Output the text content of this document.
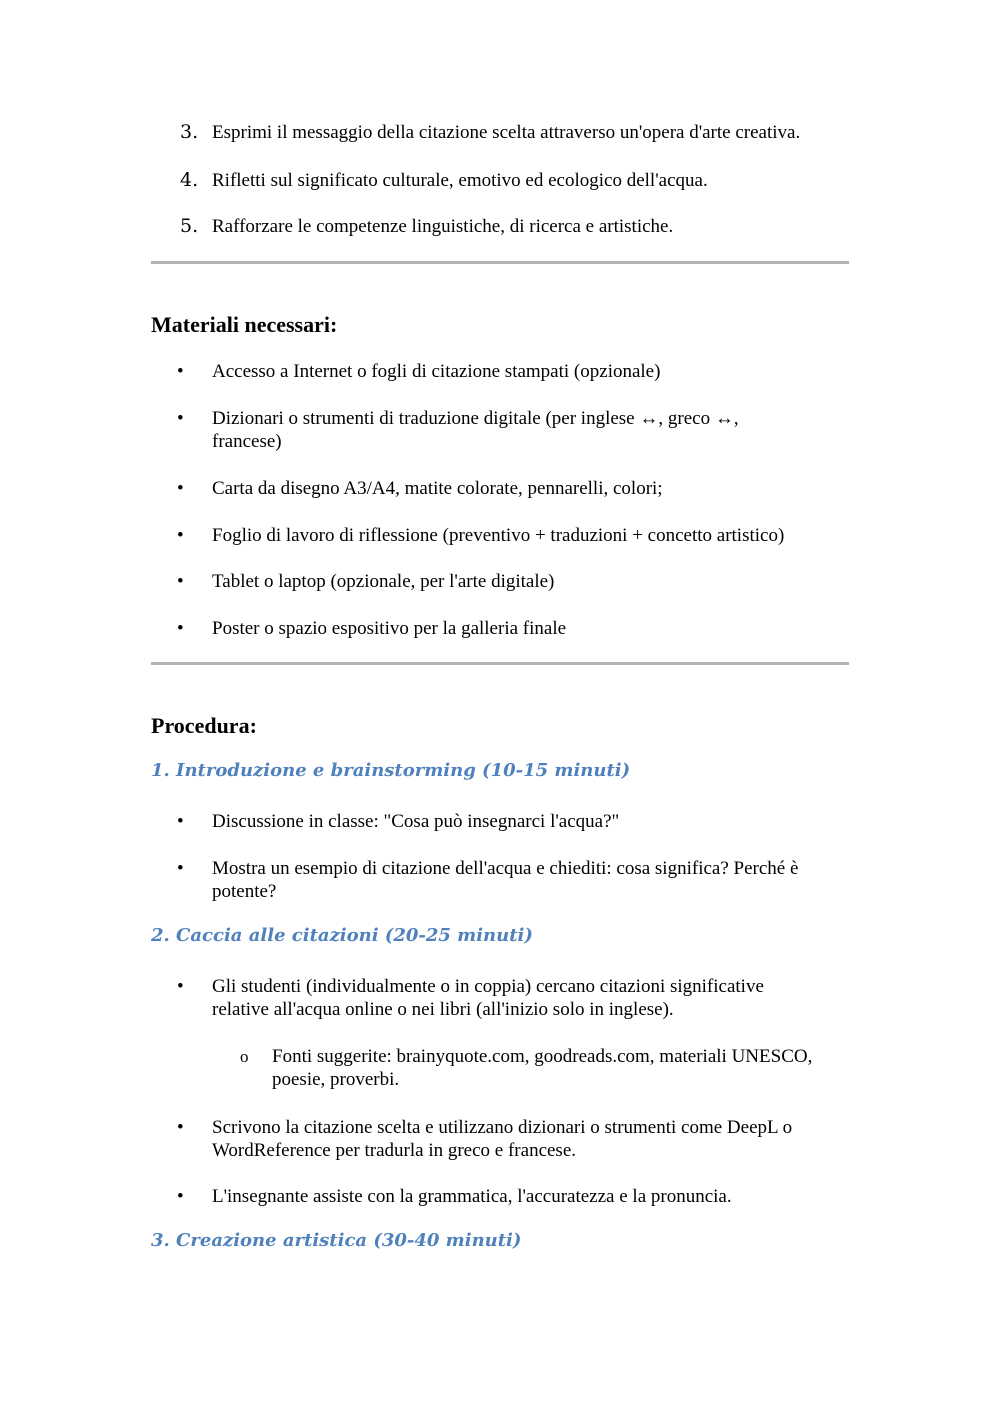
3. Esprimi il messaggio della citazione scelta attraverso un'opera d'arte creativa.
4. Rifletti sul significato culturale, emotivo ed ecologico dell'acqua.
5. Rafforzare le competenze linguistiche, di ricerca e artistiche.
Materiali necessari:
•	Accesso a Internet o fogli di citazione stampati (opzionale)
•	Dizionari o strumenti di traduzione digitale (per inglese ↔, greco ↔, francese)
•	Carta da disegno A3/A4, matite colorate, pennarelli, colori;
•	Foglio di lavoro di riflessione (preventivo + traduzioni + concetto artistico)
•	Tablet o laptop (opzionale, per l'arte digitale)
•	Poster o spazio espositivo per la galleria finale
Procedura:
1. Introduzione e brainstorming (10-15 minuti)
•	Discussione in classe: "Cosa può insegnarci l'acqua?"
•	Mostra un esempio di citazione dell'acqua e chiediti: cosa significa? Perché è potente?
2. Caccia alle citazioni (20-25 minuti)
•	Gli studenti (individualmente o in coppia) cercano citazioni significative relative all'acqua online o nei libri (all'inizio solo in inglese).
o Fonti suggerite: brainyquote.com, goodreads.com, materiali UNESCO, poesie, proverbi.
•	Scrivono la citazione scelta e utilizzano dizionari o strumenti come DeepL o WordReference per tradurla in greco e francese.
•	L'insegnante assiste con la grammatica, l'accuratezza e la pronuncia.
3. Creazione artistica (30-40 minuti)
